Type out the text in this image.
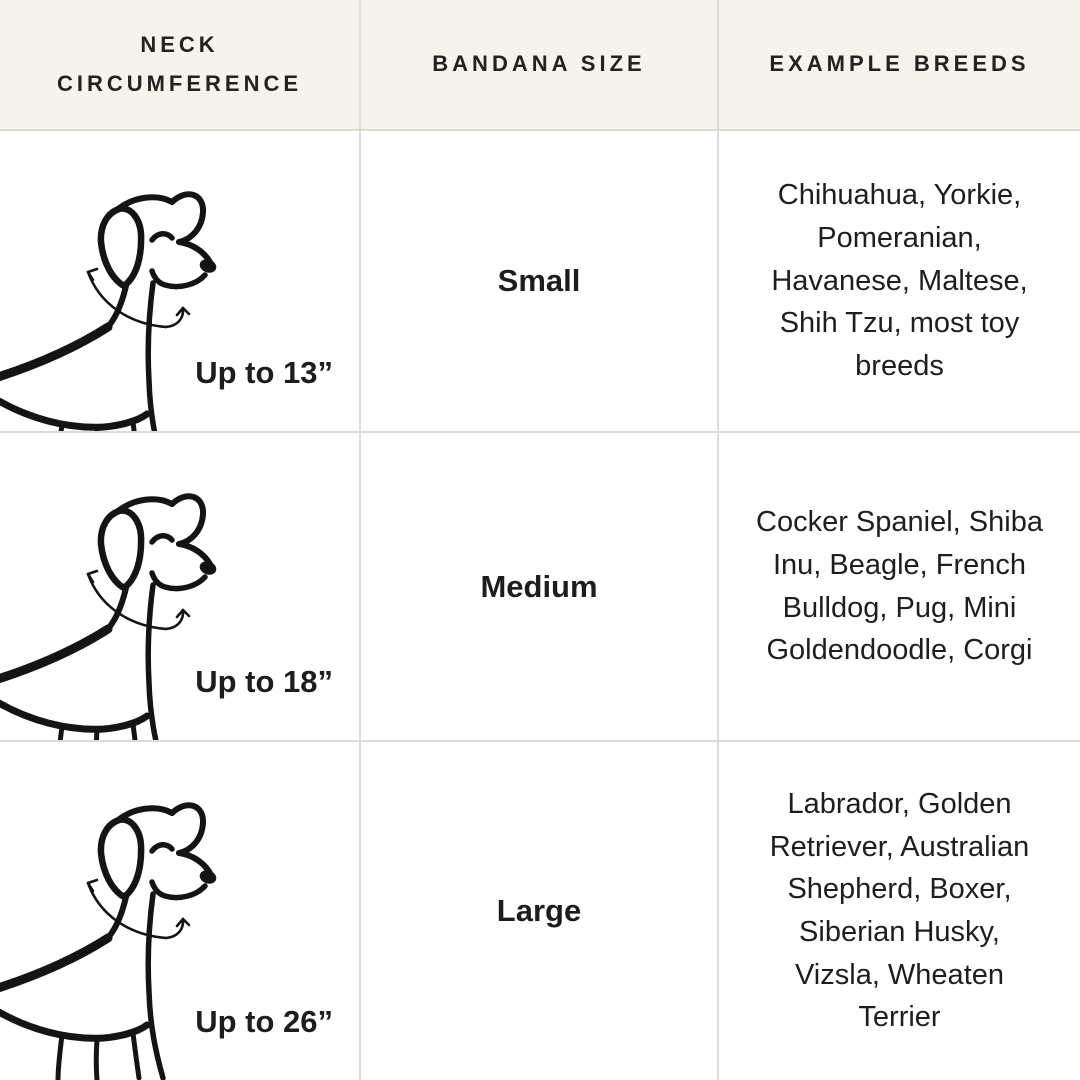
NECK CIRCUMFERENCE
BANDANA SIZE	EXAMPLE BREEDS
Up to 13”
Small
Chihuahua, Yorkie, Pomeranian, Havanese, Maltese, Shih Tzu, most toy breeds
Up to 18”
Medium
Cocker Spaniel, Shiba Inu, Beagle, French Bulldog, Pug, Mini Goldendoodle, Corgi
Up to 26”
Large
Labrador, Golden Retriever, Australian Shepherd, Boxer, Siberian Husky, Vizsla, Wheaten Terrier
